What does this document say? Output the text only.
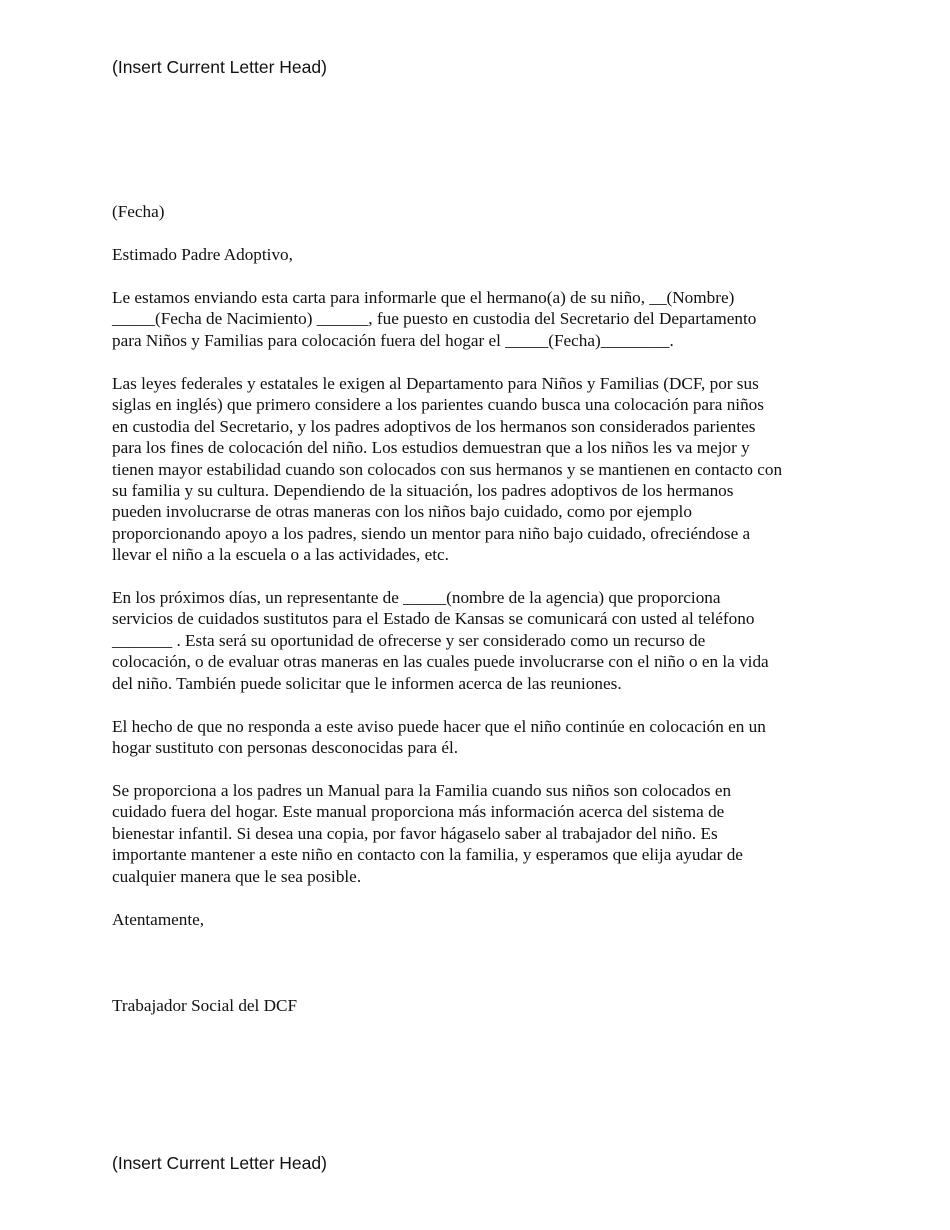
(Insert Current Letter Head)
(Fecha)
Estimado Padre Adoptivo,
Le estamos enviando esta carta para informarle que el hermano(a) de su niño, __(Nombre)
_____(Fecha de Nacimiento) ______, fue puesto en custodia del Secretario del Departamento
para Niños y Familias para colocación fuera del hogar el _____(Fecha)________.
Las leyes federales y estatales le exigen al Departamento para Niños y Familias (DCF, por sus
siglas en inglés) que primero considere a los parientes cuando busca una colocación para niños
en custodia del Secretario, y los padres adoptivos de los hermanos son considerados parientes
para los fines de colocación del niño. Los estudios demuestran que a los niños les va mejor y
tienen mayor estabilidad cuando son colocados con sus hermanos y se mantienen en contacto con
su familia y su cultura. Dependiendo de la situación, los padres adoptivos de los hermanos
pueden involucrarse de otras maneras con los niños bajo cuidado, como por ejemplo
proporcionando apoyo a los padres, siendo un mentor para niño bajo cuidado, ofreciéndose a
llevar el niño a la escuela o a las actividades, etc.
En los próximos días, un representante de _____(nombre de la agencia) que proporciona
servicios de cuidados sustitutos para el Estado de Kansas se comunicará con usted al teléfono
_______ . Esta será su oportunidad de ofrecerse y ser considerado como un recurso de
colocación, o de evaluar otras maneras en las cuales puede involucrarse con el niño o en la vida
del niño. También puede solicitar que le informen acerca de las reuniones.
El hecho de que no responda a este aviso puede hacer que el niño continúe en colocación en un
hogar sustituto con personas desconocidas para él.
Se proporciona a los padres un Manual para la Familia cuando sus niños son colocados en
cuidado fuera del hogar. Este manual proporciona más información acerca del sistema de
bienestar infantil. Si desea una copia, por favor hágaselo saber al trabajador del niño. Es
importante mantener a este niño en contacto con la familia, y esperamos que elija ayudar de
cualquier manera que le sea posible.
Atentamente,
Trabajador Social del DCF
(Insert Current Letter Head)
